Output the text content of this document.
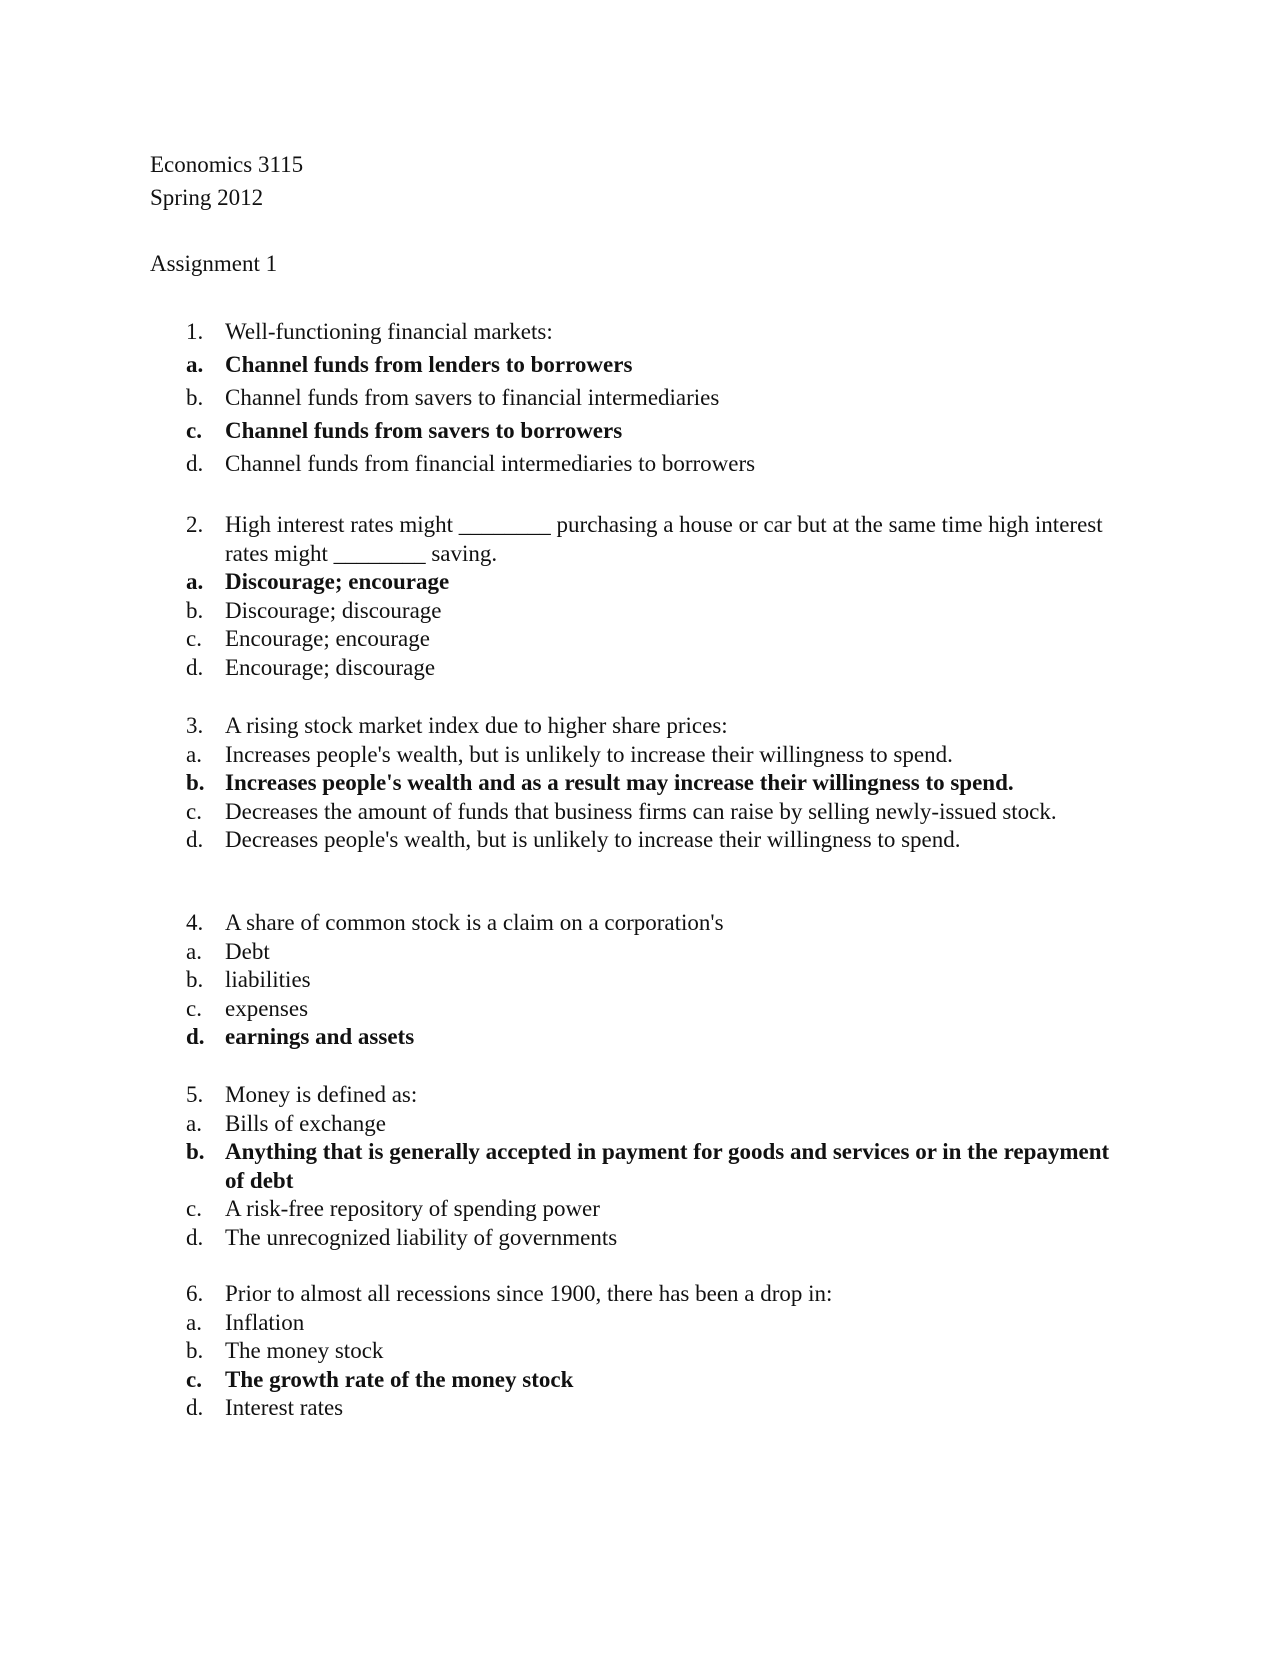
Economics 3115
Spring 2012
Assignment 1
1. Well-functioning financial markets:
a. Channel funds from lenders to borrowers
b. Channel funds from savers to financial intermediaries
c. Channel funds from savers to borrowers
d. Channel funds from financial intermediaries to borrowers
2. High interest rates might ________ purchasing a house or car but at the same time high interest rates might ________ saving.
a. Discourage; encourage
b. Discourage; discourage
c. Encourage; encourage
d. Encourage; discourage
3. A rising stock market index due to higher share prices:
a. Increases people's wealth, but is unlikely to increase their willingness to spend.
b. Increases people's wealth and as a result may increase their willingness to spend.
c. Decreases the amount of funds that business firms can raise by selling newly-issued stock.
d. Decreases people's wealth, but is unlikely to increase their willingness to spend.
4. A share of common stock is a claim on a corporation's
a. Debt
b. liabilities
c. expenses
d. earnings and assets
5. Money is defined as:
a. Bills of exchange
b. Anything that is generally accepted in payment for goods and services or in the repayment of debt
c. A risk-free repository of spending power
d. The unrecognized liability of governments
6. Prior to almost all recessions since 1900, there has been a drop in:
a. Inflation
b. The money stock
c. The growth rate of the money stock
d. Interest rates
